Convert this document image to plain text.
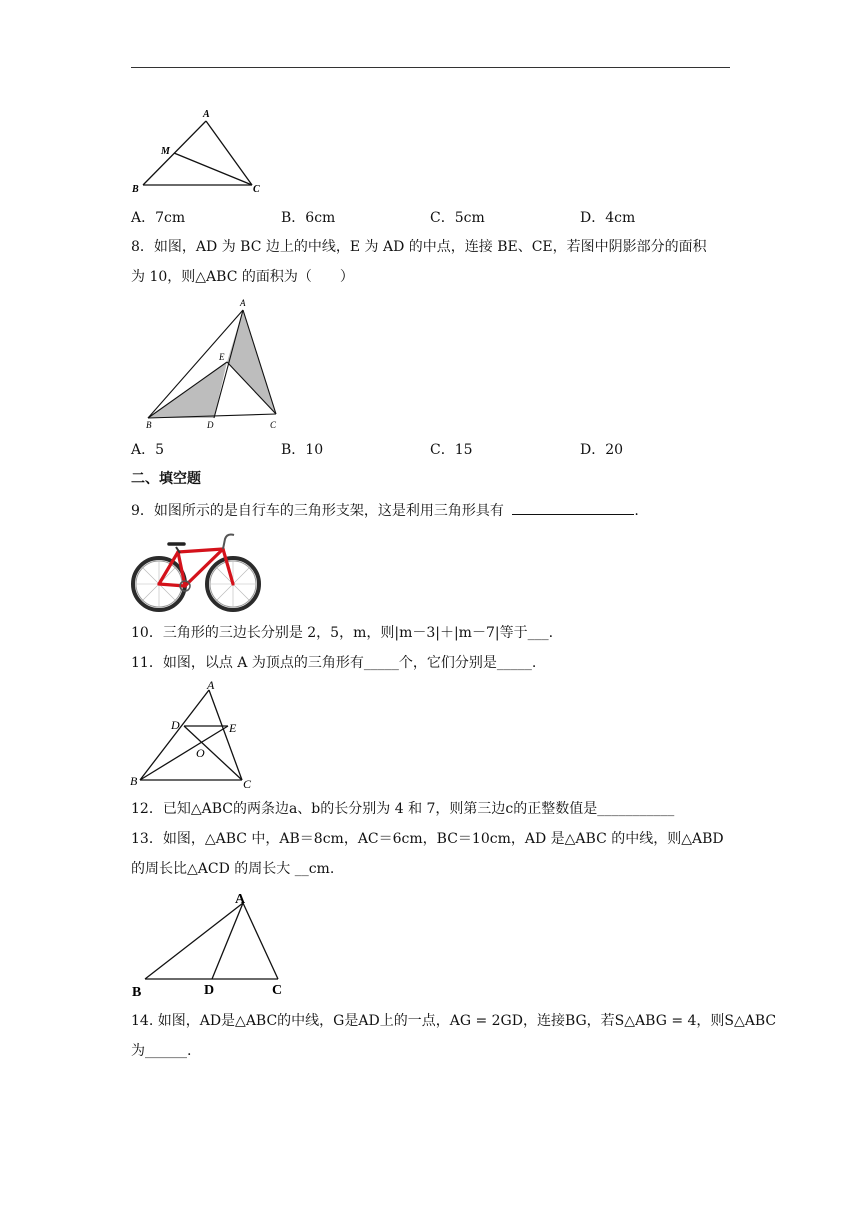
A
M
B	C
A．7cm	B．6cm	C．5cm	D．4cm
8．如图，AD 为 BC 边上的中线，E 为 AD 的中点，连接 BE、CE，若图中阴影部分的面积
为 10，则△ABC 的面积为（　　）
A
E
B	D	C
A．5	B．10	C．15	D．20
二、填空题
9．如图所示的是自行车的三角形支架，这是利用三角形具有	.
10．三角形的三边长分别是 2，5，m，则|m－3|＋|m－7|等于___.
11．如图，以点 A 为顶点的三角形有_____个，它们分别是_____.
A
D	E
O
B	C
12．已知△ABC的两条边a、b的长分别为 4 和 7，则第三边c的正整数值是___________
13．如图，△ABC 中，AB＝8cm，AC＝6cm，BC＝10cm，AD 是△ABC 的中线，则△ABD
的周长比△ACD 的周长大 __cm.
A
B	D	C
14. 如图，AD是△ABC的中线，G是AD上的一点，AG = 2GD，连接BG，若S△ABG = 4，则S△ABC
为______.
